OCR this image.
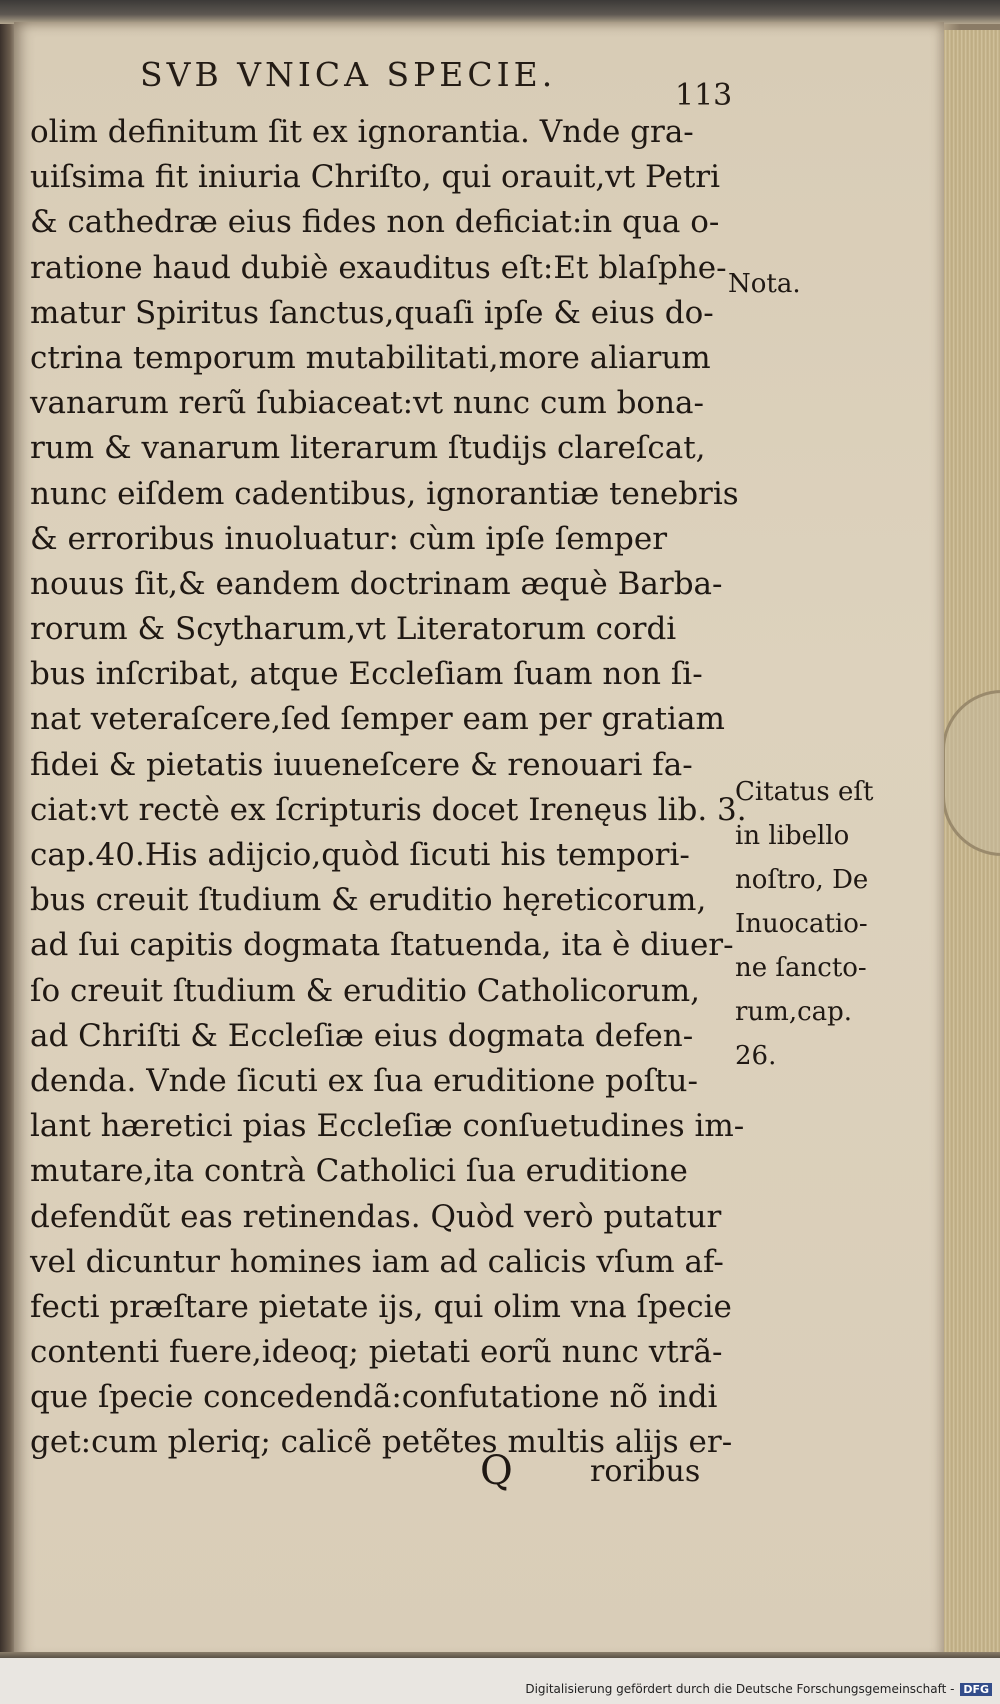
SVB VNICA SPECIE.
113
olim definitum ſit ex ignorantia. Vnde gra-
uiſsima fit iniuria Chriſto, qui orauit,vt Petri
& cathedræ eius fides non deficiat:in qua o-
ratione haud dubiè exauditus eſt:Et blaſphe-
matur Spiritus ſanctus,quaſi ipſe & eius do-
ctrina temporum mutabilitati,more aliarum
vanarum rerũ ſubiaceat:vt nunc cum bona-
rum & vanarum literarum ſtudijs clareſcat,
nunc eiſdem cadentibus, ignorantiæ tenebris
& erroribus inuoluatur: cùm ipſe ſemper
nouus ſit,& eandem doctrinam æquè Barba-
rorum & Scytharum,vt Literatorum cordi
bus inſcribat, atque Eccleſiam ſuam non ſi-
nat veteraſcere,ſed ſemper eam per gratiam
fidei & pietatis iuueneſcere & renouari fa-
ciat:vt rectè ex ſcripturis docet Irenęus lib. 3.
cap.40.His adijcio,quòd ſicuti his tempori-
bus creuit ſtudium & eruditio hęreticorum,
ad ſui capitis dogmata ſtatuenda, ita è diuer-
ſo creuit ſtudium & eruditio Catholicorum,
ad Chriſti & Eccleſiæ eius dogmata defen-
denda. Vnde ſicuti ex ſua eruditione poſtu-
lant hæretici pias Eccleſiæ conſuetudines im-
mutare,ita contrà Catholici ſua eruditione
defendũt eas retinendas. Quòd verò putatur
vel dicuntur homines iam ad calicis vſum af-
fecti præſtare pietate ijs, qui olim vna ſpecie
contenti fuere,ideoq; pietati eorũ nunc vtrã-
que ſpecie concedendã:confutatione nõ indi
get:cum pleriq; calicẽ petẽtes multis alijs er-
Nota.
Citatus eſt
in libello
noſtro, De
Inuocatio-
ne ſancto-
rum,cap.
26.
Q	roribus
Digitalisierung gefördert durch die Deutsche Forschungsgemeinschaft - DFG
